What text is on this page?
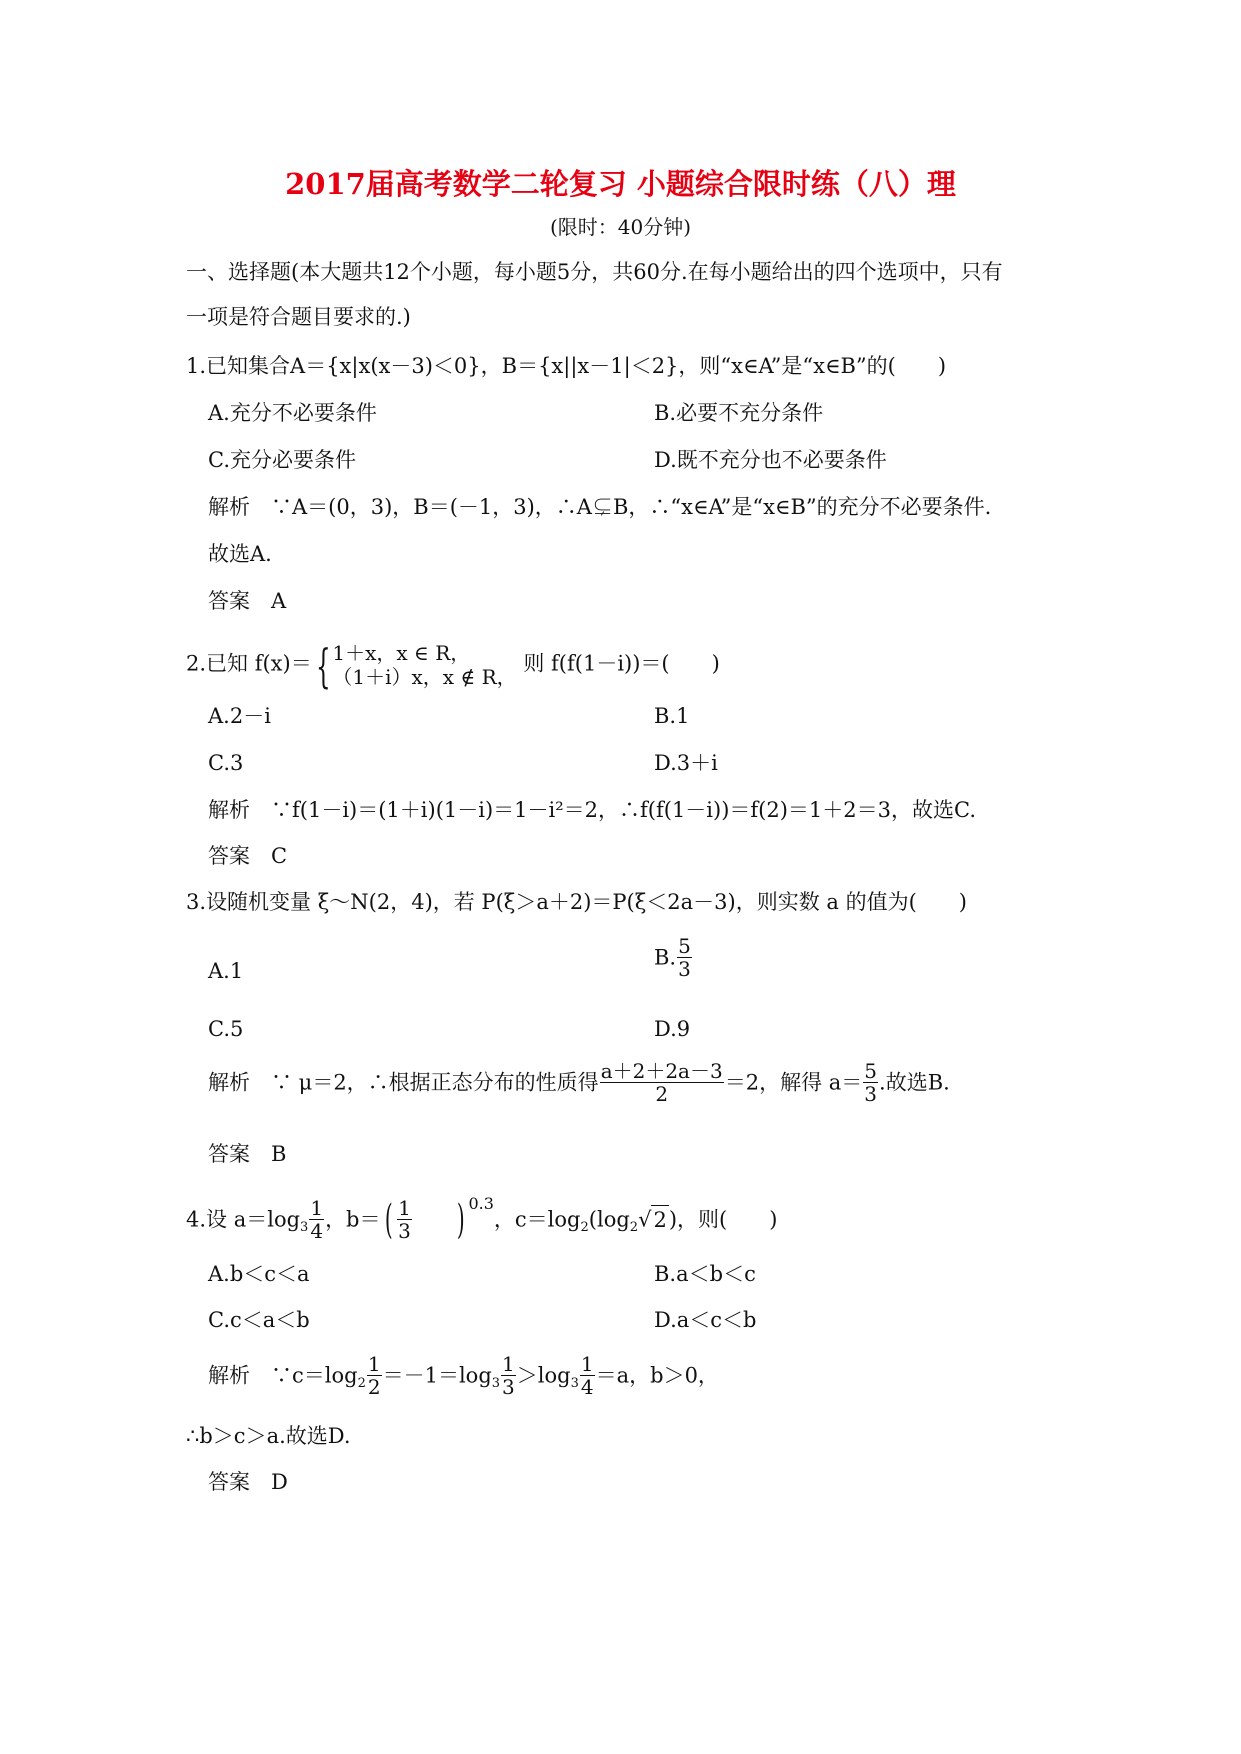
2017届高考数学二轮复习 小题综合限时练（八）理
(限时：40分钟)
一、选择题(本大题共12个小题，每小题5分，共60分.在每小题给出的四个选项中，只有
一项是符合题目要求的.)
1.已知集合A＝{x|x(x－3)＜0}，B＝{x||x－1|＜2}，则“x∈A”是“x∈B”的(　　)
A.充分不必要条件	B.必要不充分条件
C.充分必要条件	D.既不充分也不必要条件
解析　∵A＝(0，3)，B＝(－1，3)，∴A⊊B，∴“x∈A”是“x∈B”的充分不必要条件.
故选A.
答案　A
2.已知 f(x)＝ { 1＋x，x ∈ R，
（1＋i）x，x ∉ R，
则 f(f(1－i))＝(　　)
A.2－i	B.1
C.3	D.3＋i
解析　∵f(1－i)＝(1＋i)(1－i)＝1－i²＝2，∴f(f(1－i))＝f(2)＝1＋2＝3，故选C.
答案　C
3.设随机变量 ξ～N(2，4)，若 P(ξ＞a＋2)＝P(ξ＜2a－3)，则实数 a 的值为(　　)
A.1
B. $\frac{5}{3}$
C.5	D.9
解析　∵ μ＝2，∴根据正态分布的性质得 $\frac{a+2+2a-3}{2} =2$，解得 $a= \frac{5}{3}$ .故选B.
答案　B
4.设 $a=\log_3 \frac{1}{4}$ ，$b=( \frac{1}{3}$ ) $^{0.3}$，$c=\log_2(\log_2√2)$，则(　　)
A.b＜c＜a	B.a＜b＜c
C.c＜a＜b	D.a＜c＜b
解析　$\because c=\log_2 \frac{1}{2} =-1=\log_3 \frac{1}{3} >\log_3 \frac{1}{4} =a$，b＞0，
∴b＞c＞a.故选D.
答案　D
